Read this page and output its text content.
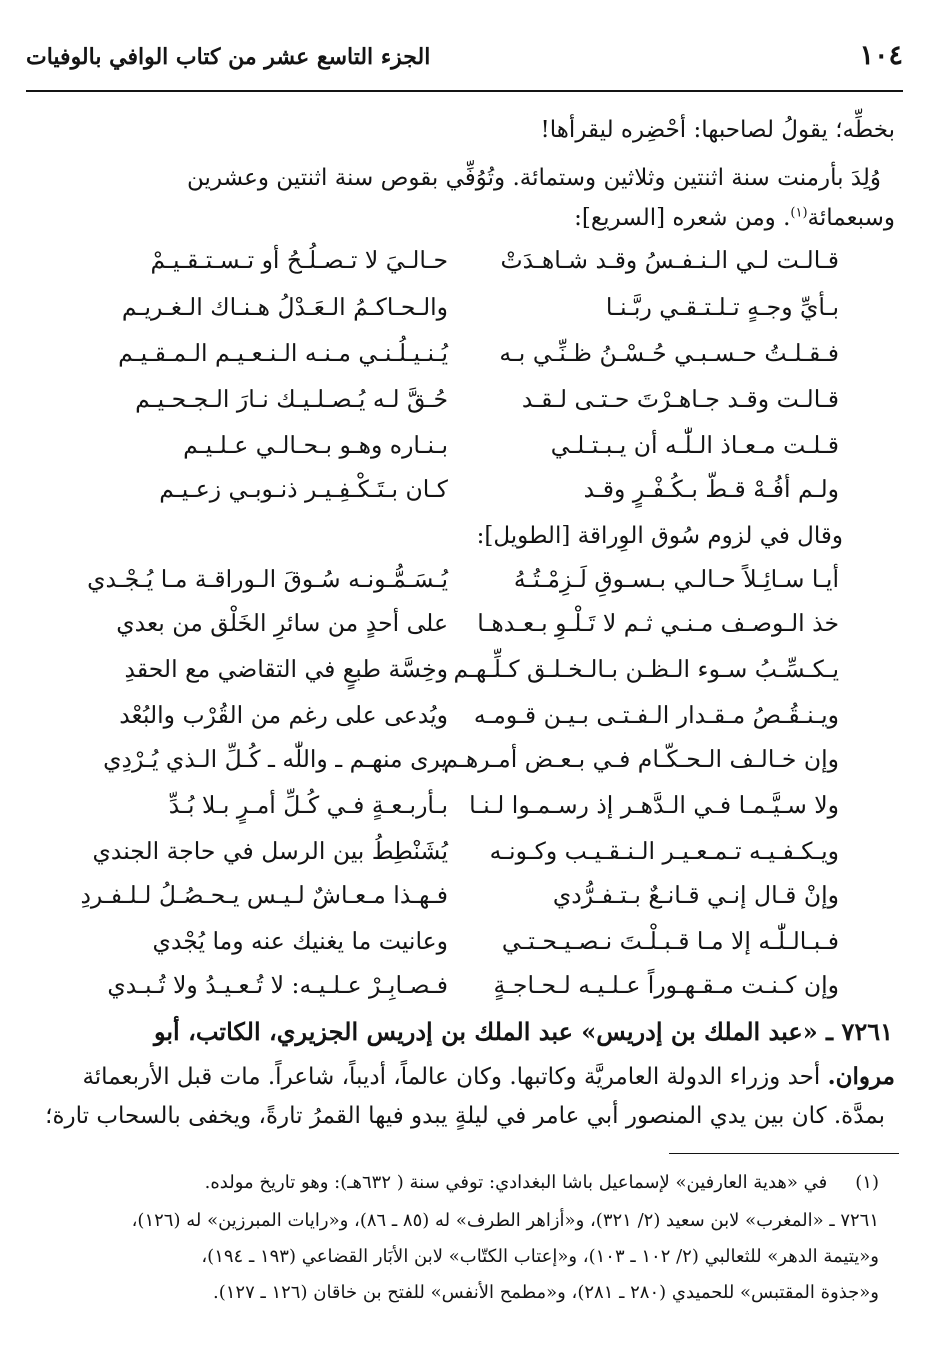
١٠٤
الجزء التاسع عشر من كتاب الوافي بالوفيات
بخطِّه؛ يقولُ لصاحبها: أحْضِره ليقرأها!
وُلِدَ بأرمنت سنة اثنتين وثلاثين وستمائة. وتُوُفِّي بقوص سنة اثنتين وعشرين
وسبعمائة$^{(١)}$. ومن شعره [السريع]:
قـالـت لـي الـنـفـسُ وقـد شـاهـدَتْ
حـالـيَ لا تـصـلُـحُ أو تـسـتـقـيـمْ
بـأيِّ وجـهٍ تـلـتـقـي ربَّـنـا
والـحـاكـمُ الـعَـدْلُ هـنـاك الـغـريـم
فـقـلـتُ حـسـبـي حُـسْـنُ ظـنِّـي بـه
يُـنـيـلُـنـي مـنـه الـنـعـيـم الـمـقـيـم
قـالـت وقـد جـاهـرْتَ حـتـى لـقـد
حُـقَّ لـه يُـصـلـيـك نـارَ الـجـحـيـم
قـلـت مـعـاذ الـلّٰـه أن يـبـتـلـي
بـنـاره وهـو بـحـالـي عـلـيـم
ولـم أفُـهْ قـطّ بـكُـفْـرٍ وقـد
كـان بـتَـكْـفِـيـر ذنـوبـي زعـيـم
وقال في لزوم سُوق الوِراقة [الطويل]:
أيـا سـائِـلاً حـالـي بـسـوقِ لَـزِمْـتُـهُ
يُـسَـمُّـونـه سُـوقَ الـوراقـة مـا يُـجْـدي
خذ الـوصـف مـنـي ثـم لا تَـلْـوِ بـعـدهـا
على أحدٍ من سائرِ الخَلْق من بعدي
يـكـسِّـبُ سـوء الـظـن بـالـخـلـق كـلِّـهـم
وخِسَّة طبعٍ في التقاضي مع الحقدِ
ويـنـقُـصُ مـقـدار الـفـتـى بـيـن قـومـه
ويُدعى على رغم من القُرْب والبُعْد
وإن خـالـف الـحـكّـام فـي بـعـض أمـرهـم
يرى منهـم ـ واللّٰه ـ كُـلِّ الـذي يُـرْدِي
ولا سـيَّـمـا فـي الـدَّهـر إذ رسـمـوا لـنـا
بـأربـعـةٍ فـي كُـلِّ أمـرٍ بـلا بُـدِّ
ويـكـفـيـه تـمـعـيـر الـنـقـيـب وكـونـه
يُشَنْطِطُ بين الرسل في حاجة الجندي
وإنْ قـال إنـي قـانـعٌ بـتـفـرُّدي
فـهـذا مـعـاشٌ لـيـس يـحـصُـلُ لـلـفـردِ
فـبـالـلّٰـه إلا مـا قـبـلْـتَ نـصـيـحـتـي
وعانيت ما يغنيك عنه وما يُجْدي
وإن كـنـت مـقـهـوراً عـلـيـه لـحـاجـةٍ
فـصـابِـرْ عـلـيـه: لا تُـعـيـدُ ولا تُـبـدي
٧٢٦١ ـ «عبد الملك بن إدريس» عبد الملك بن إدريس الجزيري، الكاتب، أبو
مروان. أحد وزراء الدولة العامريَّة وكاتبها. وكان عالماً، أديباً، شاعراً. مات قبل الأربعمائة
بمدَّة. كان بين يدي المنصور أبي عامر في ليلةٍ يبدو فيها القمرُ تارةً، ويخفى بالسحاب تارة؛
(١)في «هدية العارفين» لإسماعيل باشا البغدادي: توفي سنة ( ٦٣٢هـ): وهو تاريخ مولده.
٧٢٦١ ـ «المغرب» لابن سعيد (٢/ ٣٢١)، و«أزاهر الطرف» له (٨٥ ـ ٨٦)، و«رايات المبرزين» له (١٢٦)،
و«يتيمة الدهر» للثعالبي (٢/ ١٠٢ ـ ١٠٣)، و«إعتاب الكتّاب» لابن الأبَار القضاعي (١٩٣ ـ ١٩٤)،
و«جذوة المقتبس» للحميدي (٢٨٠ ـ ٢٨١)، و«مطمح الأنفس» للفتح بن خاقان (١٢٦ ـ ١٢٧).
